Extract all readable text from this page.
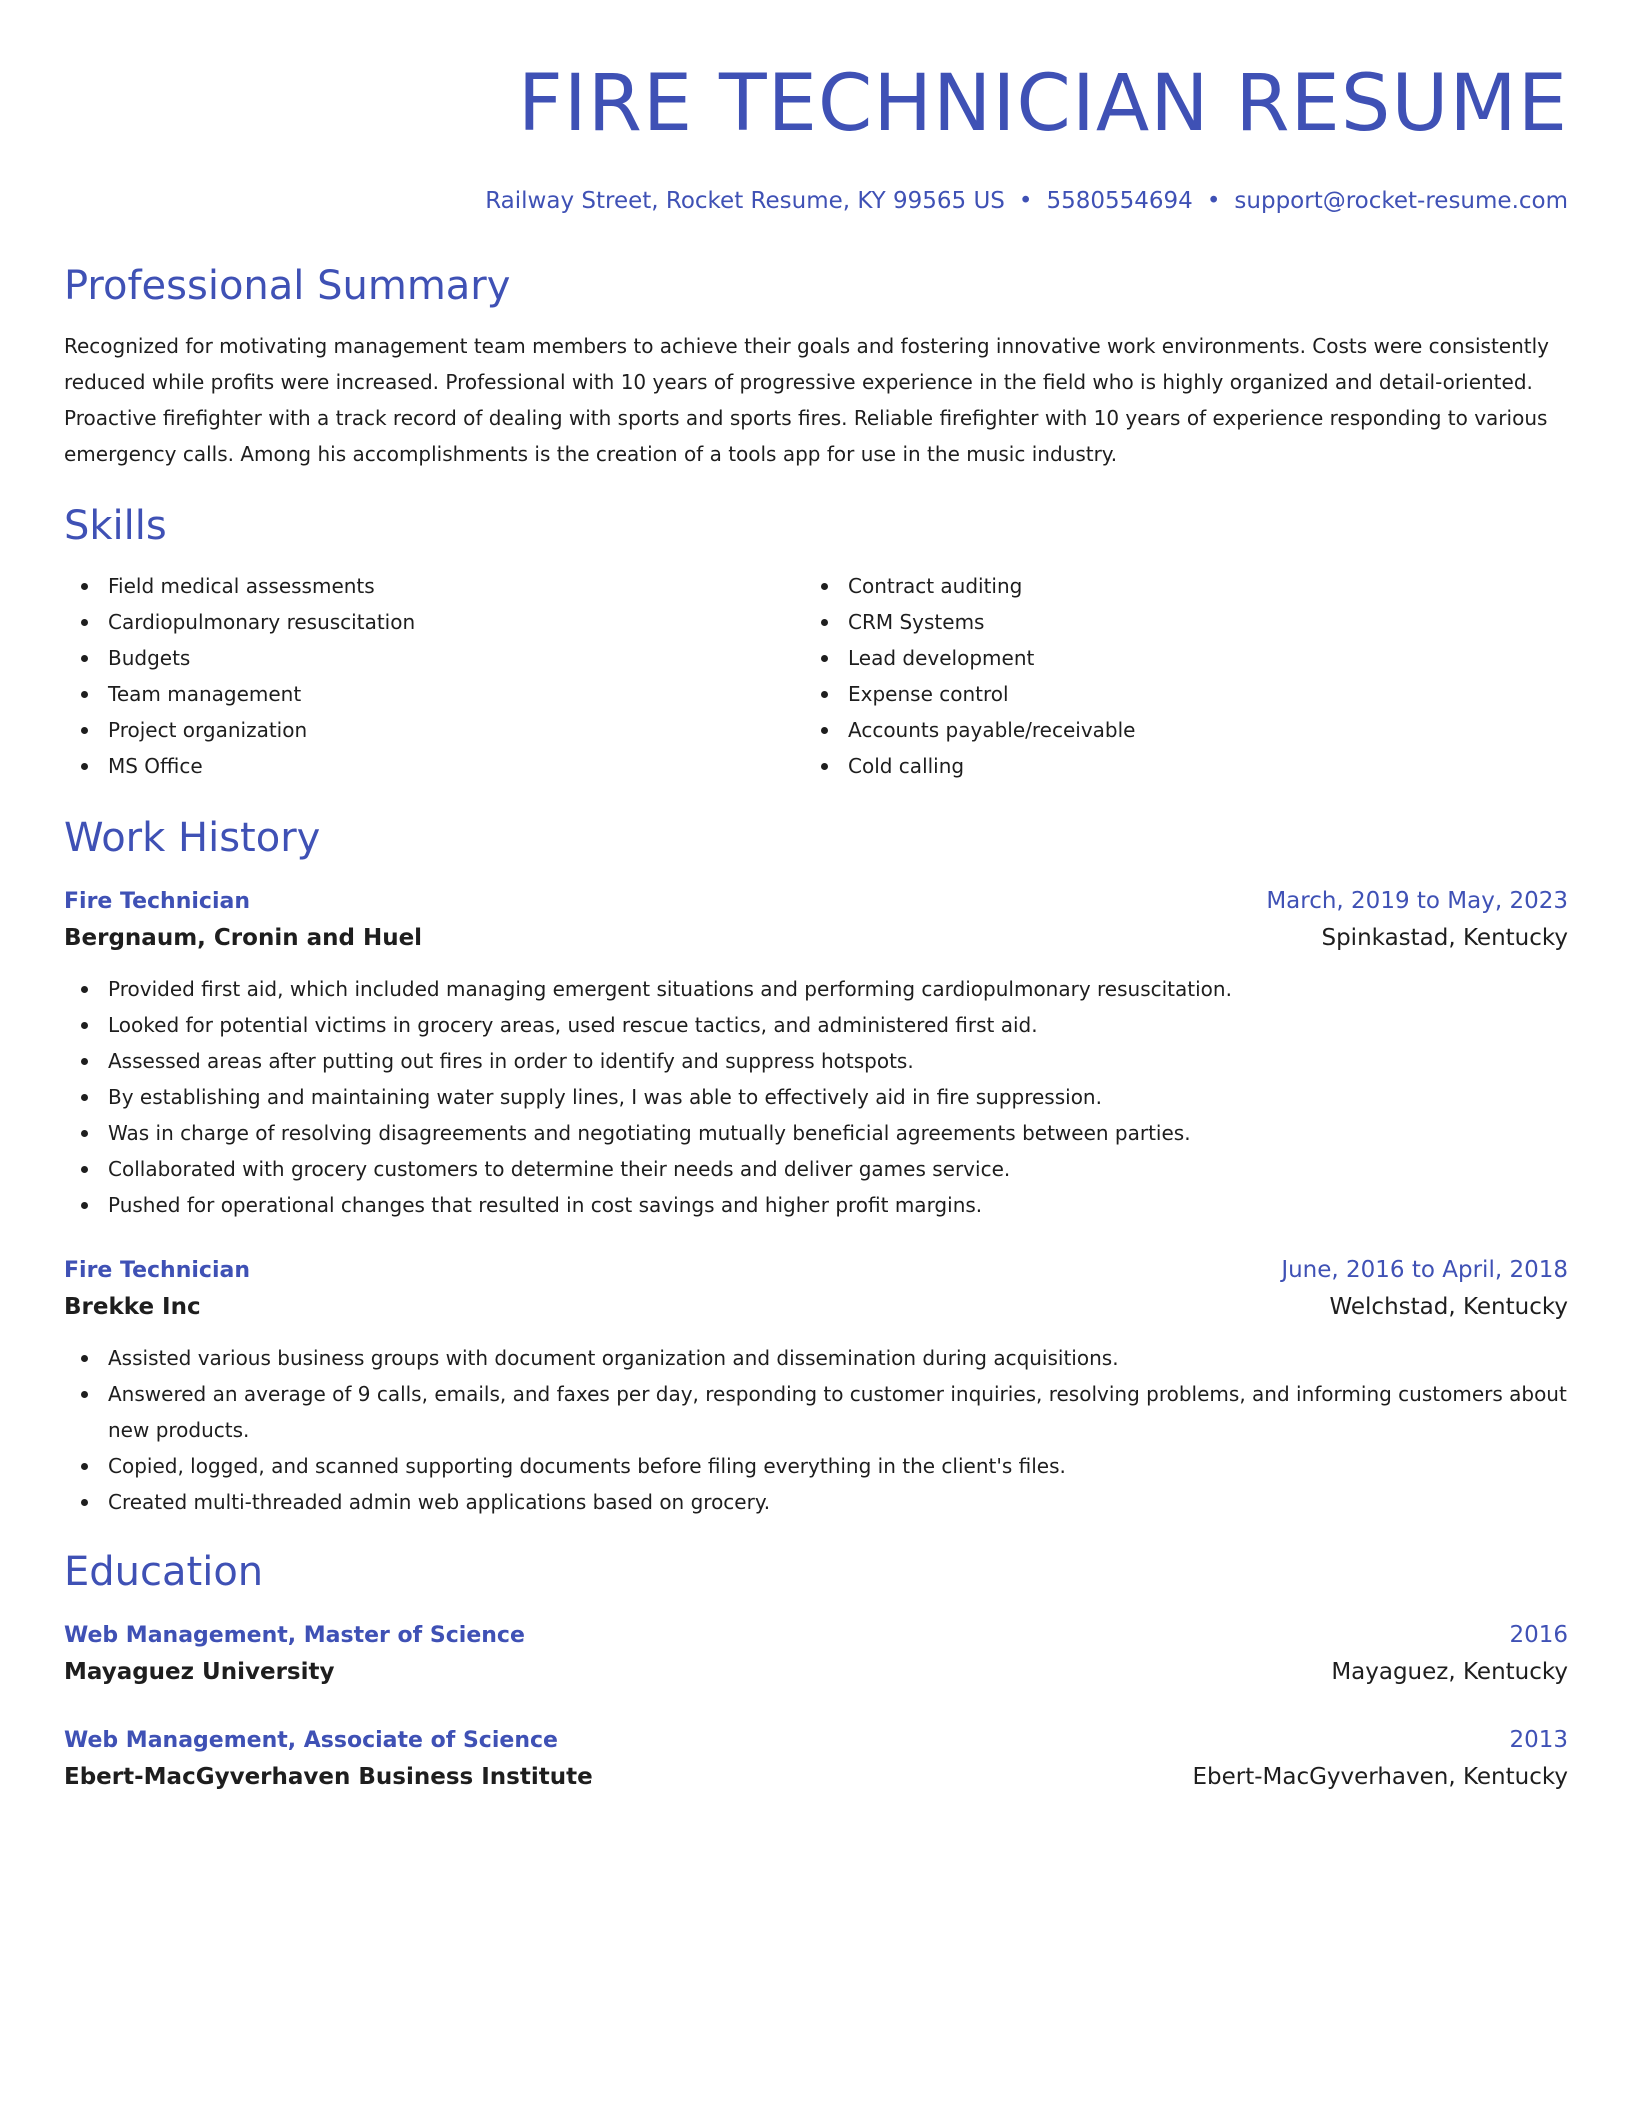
FIRE TECHNICIAN RESUME
Railway Street, Rocket Resume, KY 99565 US • 5580554694 • support@rocket-resume.com
Professional Summary

Recognized for motivating management team members to achieve their goals and fostering innovative work environments. Costs were consistently reduced while profits were increased. Professional with 10 years of progressive experience in the field who is highly organized and detail-oriented. Proactive firefighter with a track record of dealing with sports and sports fires. Reliable firefighter with 10 years of experience responding to various emergency calls. Among his accomplishments is the creation of a tools app for use in the music industry.

Skills
Field medical assessments
Cardiopulmonary resuscitation
Budgets
Team management
Project organization
MS Office
Contract auditing
CRM Systems
Lead development
Expense control
Accounts payable/receivable
Cold calling
Work History
Fire Technician	March, 2019 to May, 2023
Bergnaum, Cronin and Huel	Spinkastad, Kentucky
Provided first aid, which included managing emergent situations and performing cardiopulmonary resuscitation.
Looked for potential victims in grocery areas, used rescue tactics, and administered first aid.
Assessed areas after putting out fires in order to identify and suppress hotspots.
By establishing and maintaining water supply lines, I was able to effectively aid in fire suppression.
Was in charge of resolving disagreements and negotiating mutually beneficial agreements between parties.
Collaborated with grocery customers to determine their needs and deliver games service.
Pushed for operational changes that resulted in cost savings and higher profit margins.
Fire Technician	June, 2016 to April, 2018
Brekke Inc	Welchstad, Kentucky
Assisted various business groups with document organization and dissemination during acquisitions.
Answered an average of 9 calls, emails, and faxes per day, responding to customer inquiries, resolving problems, and informing customers about new products.
Copied, logged, and scanned supporting documents before filing everything in the client's files.
Created multi-threaded admin web applications based on grocery.
Education
Web Management, Master of Science	2016
Mayaguez University	Mayaguez, Kentucky
Web Management, Associate of Science	2013
Ebert-MacGyverhaven Business Institute	Ebert-MacGyverhaven, Kentucky
